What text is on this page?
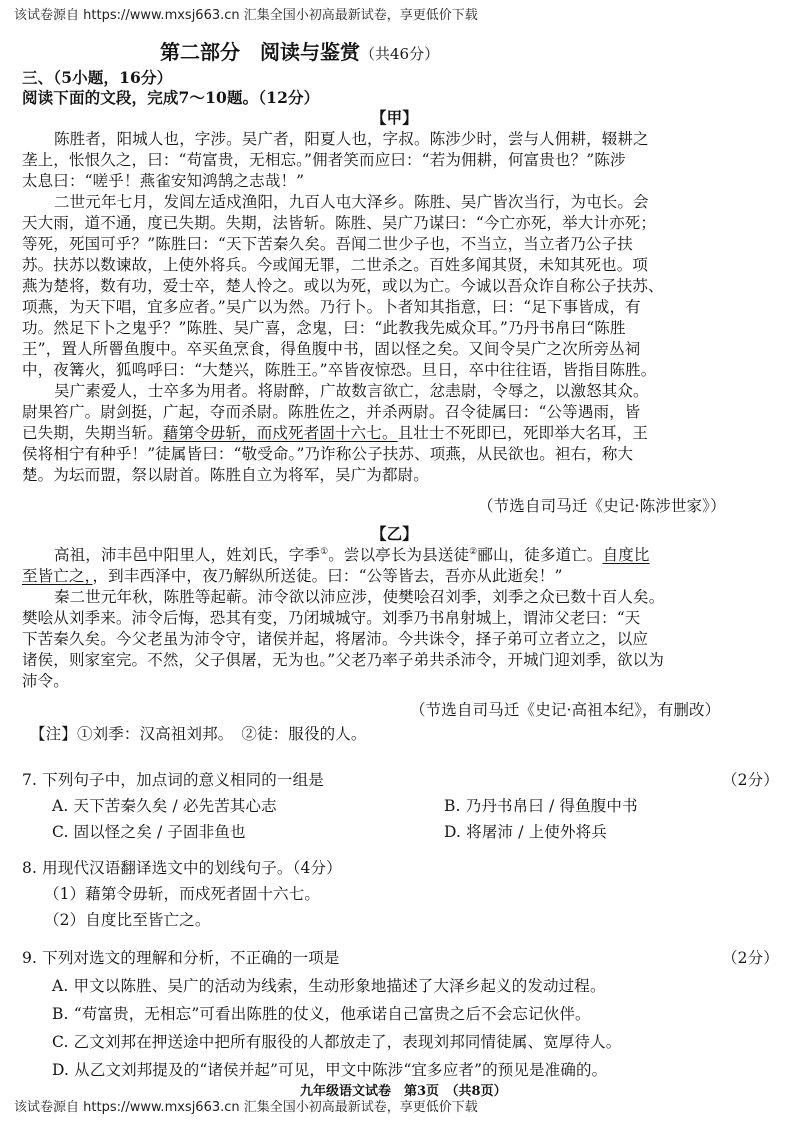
该试卷源自 https://www.mxsj663.cn 汇集全国小初高最新试卷，享更低价下载
第二部分　阅读与鉴赏（共46分）
三、（5小题，16分）
阅读下面的文段，完成7～10题。（12分）
【甲】
陈胜者，阳城人也，字涉。吴广者，阳夏人也，字叔。陈涉少时，尝与人佣耕，辍耕之
垄上，怅恨久之，曰：“苟富贵，无相忘。”佣者笑而应曰：“若为佣耕，何富贵也？”陈涉
太息曰：“嗟乎！燕雀安知鸿鹄之志哉！”
二世元年七月，发闾左适戍渔阳，九百人屯大泽乡。陈胜、吴广皆次当行，为屯长。会
天大雨，道不通，度已失期。失期，法皆斩。陈胜、吴广乃谋曰：“今亡亦死，举大计亦死；
等死，死国可乎？”陈胜曰：“天下苦秦久矣。吾闻二世少子也，不当立，当立者乃公子扶
苏。扶苏以数谏故，上使外将兵。今或闻无罪，二世杀之。百姓多闻其贤，未知其死也。项
燕为楚将，数有功，爱士卒，楚人怜之。或以为死，或以为亡。今诚以吾众诈自称公子扶苏、
项燕，为天下唱，宜多应者。”吴广以为然。乃行卜。卜者知其指意，曰：“足下事皆成，有
功。然足下卜之鬼乎？”陈胜、吴广喜，念鬼，曰：“此教我先威众耳。”乃丹书帛曰“陈胜
王”，置人所罾鱼腹中。卒买鱼烹食，得鱼腹中书，固以怪之矣。又间令吴广之次所旁丛祠
中，夜篝火，狐鸣呼曰：“大楚兴，陈胜王。”卒皆夜惊恐。旦日，卒中往往语，皆指目陈胜。
吴广素爱人，士卒多为用者。将尉醉，广故数言欲亡，忿恚尉，令辱之，以激怒其众。
尉果笞广。尉剑挺，广起，夺而杀尉。陈胜佐之，并杀两尉。召令徒属曰：“公等遇雨，皆
已失期，失期当斩。藉第令毋斩，而戍死者固十六七。且壮士不死即已，死即举大名耳，王
侯将相宁有种乎！”徒属皆曰：“敬受命。”乃诈称公子扶苏、项燕，从民欲也。袒右，称大
楚。为坛而盟，祭以尉首。陈胜自立为将军，吴广为都尉。
（节选自司马迁《史记·陈涉世家》）
【乙】
高祖，沛丰邑中阳里人，姓刘氏，字季①。尝以亭长为县送徒②郦山，徒多道亡。自度比
至皆亡之，，到丰西泽中，夜乃解纵所送徒。曰：“公等皆去，吾亦从此逝矣！”
秦二世元年秋，陈胜等起蕲。沛令欲以沛应涉，使樊哙召刘季，刘季之众已数十百人矣。
樊哙从刘季来。沛令后悔，恐其有变，乃闭城城守。刘季乃书帛射城上，谓沛父老曰：“天
下苦秦久矣。今父老虽为沛令守，诸侯并起，将屠沛。今共诛令，择子弟可立者立之，以应
诸侯，则家室完。不然，父子俱屠，无为也。”父老乃率子弟共杀沛令，开城门迎刘季，欲以为
沛令。
（节选自司马迁《史记·高祖本纪》，有删改）
【注】①刘季：汉高祖刘邦。　②徒：服役的人。
7. 下列句子中，加点词的意义相同的一组是	（2分）
A. 天下苦秦久矣 / 必先苦其心志	B. 乃丹书帛曰 / 得鱼腹中书
C. 固以怪之矣 / 子固非鱼也	D. 将屠沛 / 上使外将兵
8. 用现代汉语翻译选文中的划线句子。（4分）
（1）藉第令毋斩，而戍死者固十六七。
（2）自度比至皆亡之。
9. 下列对选文的理解和分析，不正确的一项是	（2分）
A. 甲文以陈胜、吴广的活动为线索，生动形象地描述了大泽乡起义的发动过程。
B. “苟富贵，无相忘”可看出陈胜的仗义，他承诺自己富贵之后不会忘记伙伴。
C. 乙文刘邦在押送途中把所有服役的人都放走了，表现刘邦同情徒属、宽厚待人。
D. 从乙文刘邦提及的“诸侯并起”可见，甲文中陈涉“宜多应者”的预见是准确的。
该试卷源自 https://www.mxsj663.cn 汇集全国小初高最新试卷，享更低价下载
九年级语文试卷　第3页　（共8页）
